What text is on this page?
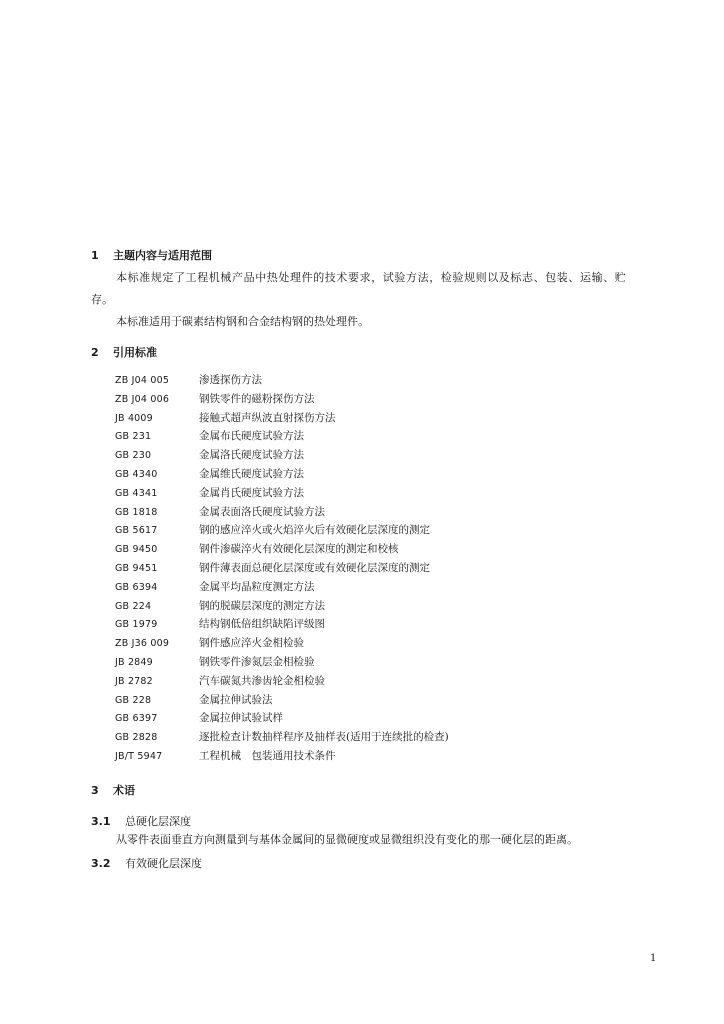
1 主题内容与适用范围
本标准规定了工程机械产品中热处理件的技术要求，试验方法，检验规则以及标志、包装、运输、贮
存。
本标准适用于碳素结构钢和合金结构钢的热处理件。
2 引用标准
ZB J04 005	渗透探伤方法
ZB J04 006	钢铁零件的磁粉探伤方法
JB 4009	接触式超声纵波直射探伤方法
GB 231	金属布氏硬度试验方法
GB 230	金属洛氏硬度试验方法
GB 4340	金属维氏硬度试验方法
GB 4341	金属肖氏硬度试验方法
GB 1818	金属表面洛氏硬度试验方法
GB 5617	钢的感应淬火或火焰淬火后有效硬化层深度的测定
GB 9450	钢件渗碳淬火有效硬化层深度的测定和校核
GB 9451	钢件薄表面总硬化层深度或有效硬化层深度的测定
GB 6394	金属平均晶粒度测定方法
GB 224	钢的脱碳层深度的测定方法
GB 1979	结构钢低倍组织缺陷评级图
ZB J36 009	钢件感应淬火金相检验
JB 2849	钢铁零件渗氮层金相检验
JB 2782	汽车碳氮共渗齿轮金相检验
GB 228	金属拉伸试验法
GB 6397	金属拉伸试验试样
GB 2828	逐批检查计数抽样程序及抽样表(适用于连续批的检查)
JB/T 5947	工程机械　包装通用技术条件
3 术语
3.1 总硬化层深度
从零件表面垂直方向测量到与基体金属间的显微硬度或显微组织没有变化的那一硬化层的距离。
3.2 有效硬化层深度
1
